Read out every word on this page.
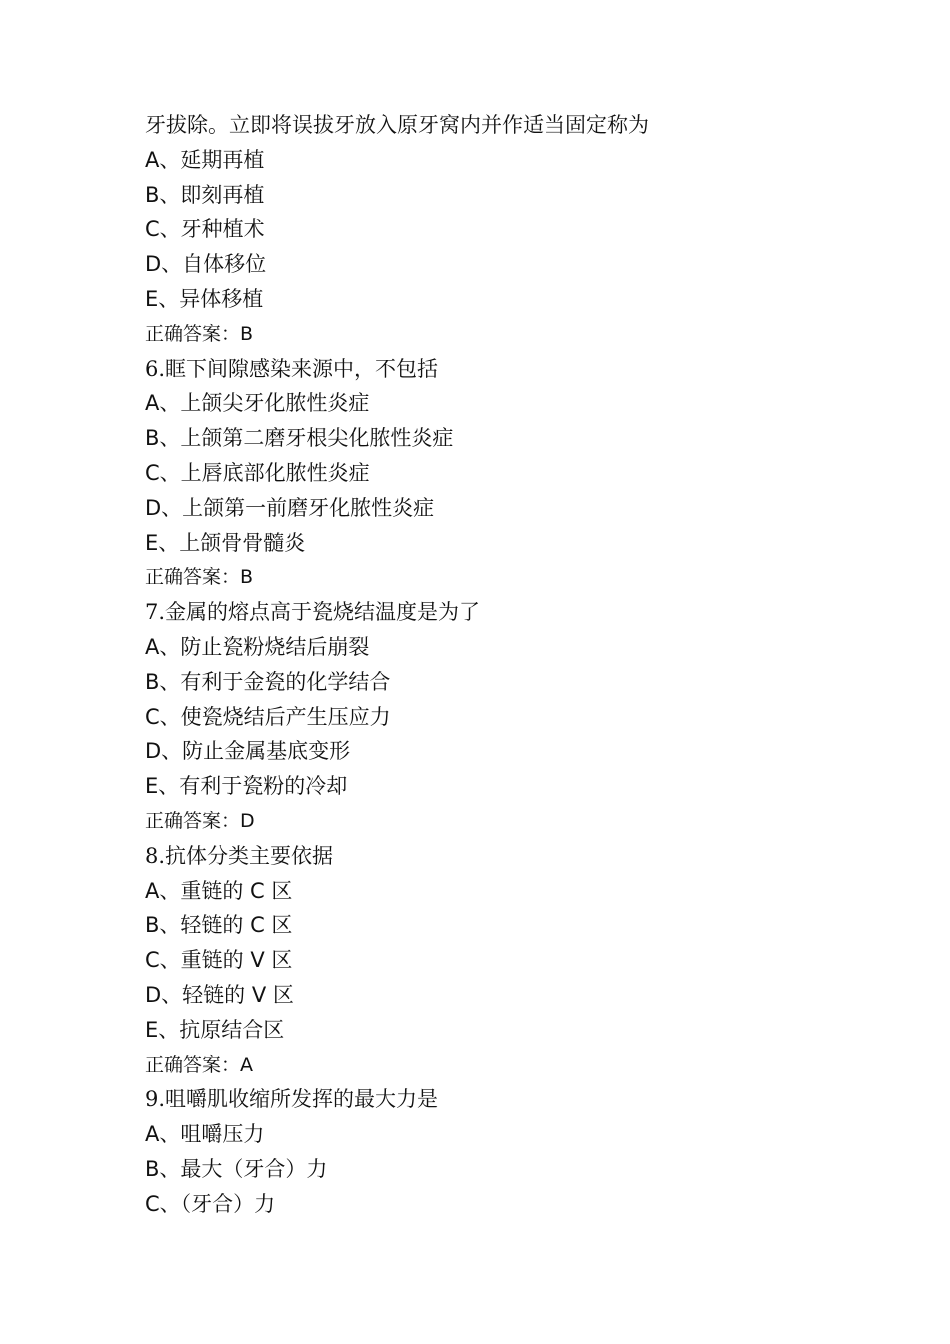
牙拔除。立即将误拔牙放入原牙窝内并作适当固定称为
A、延期再植
B、即刻再植
C、牙种植术
D、自体移位
E、异体移植
正确答案：B
6.眶下间隙感染来源中，不包括
A、上颌尖牙化脓性炎症
B、上颌第二磨牙根尖化脓性炎症
C、上唇底部化脓性炎症
D、上颌第一前磨牙化脓性炎症
E、上颌骨骨髓炎
正确答案：B
7.金属的熔点高于瓷烧结温度是为了
A、防止瓷粉烧结后崩裂
B、有利于金瓷的化学结合
C、使瓷烧结后产生压应力
D、防止金属基底变形
E、有利于瓷粉的冷却
正确答案：D
8.抗体分类主要依据
A、重链的 C 区
B、轻链的 C 区
C、重链的 V 区
D、轻链的 V 区
E、抗原结合区
正确答案：A
9.咀嚼肌收缩所发挥的最大力是
A、咀嚼压力
B、最大（牙合）力
C、（牙合）力
